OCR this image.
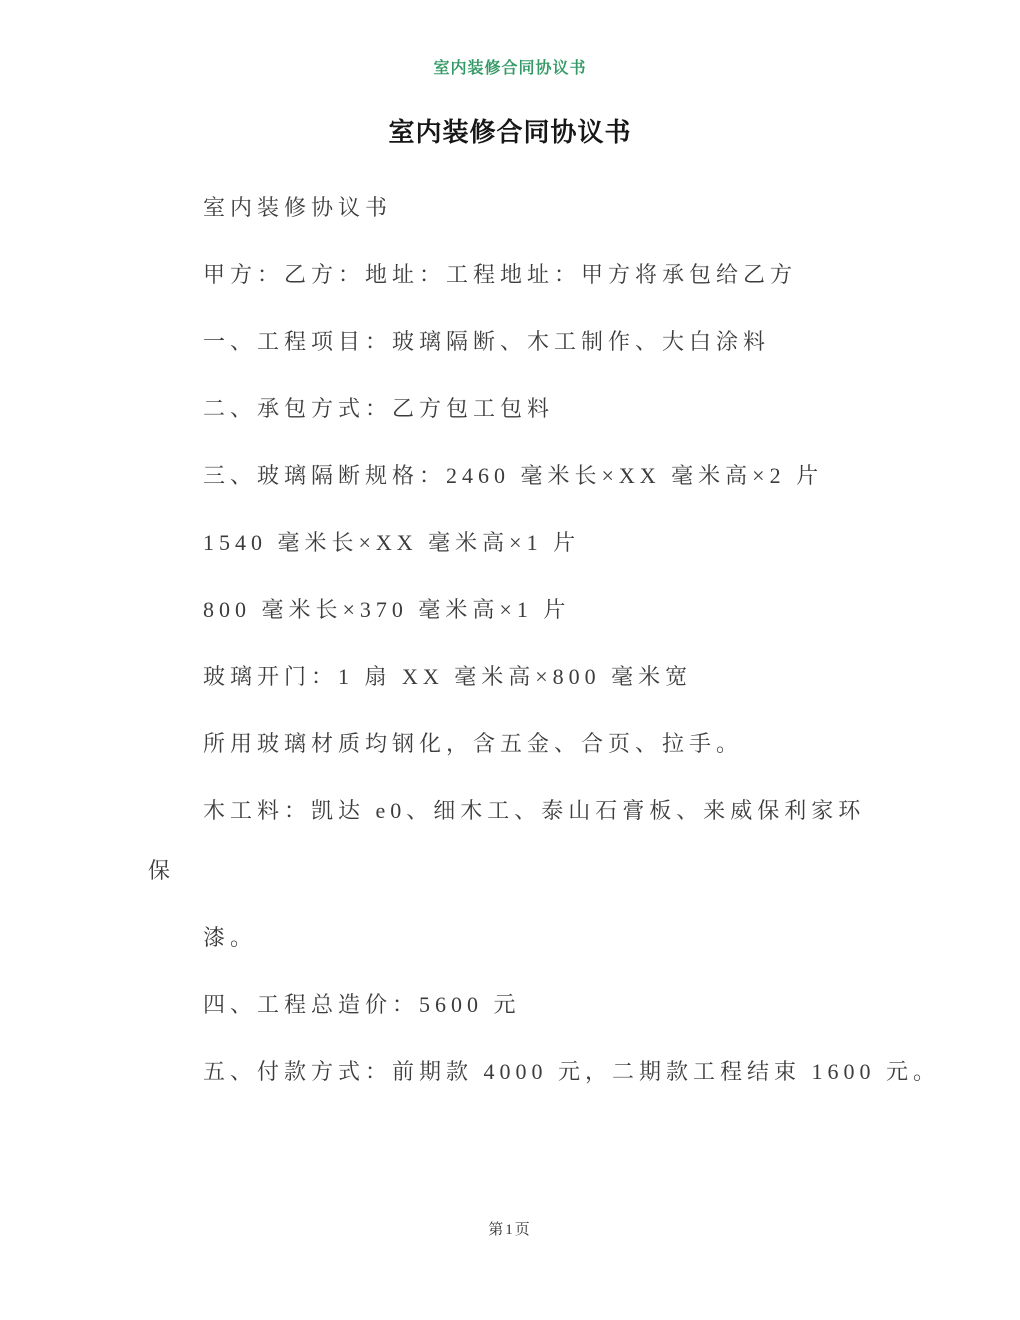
室内装修合同协议书
室内装修合同协议书

室内装修协议书

甲方：乙方：地址：工程地址：甲方将承包给乙方

一、工程项目：玻璃隔断、木工制作、大白涂料

二、承包方式：乙方包工包料

三、玻璃隔断规格：2460 毫米长×XX 毫米高×2 片

1540 毫米长×XX 毫米高×1 片

800 毫米长×370 毫米高×1 片

玻璃开门：1 扇 XX 毫米高×800 毫米宽

所用玻璃材质均钢化，含五金、合页、拉手。

木工料：凯达 e0、细木工、泰山石膏板、来威保利家环

保

漆。

四、工程总造价：5600 元

五、付款方式：前期款 4000 元，二期款工程结束 1600 元。

第1页
